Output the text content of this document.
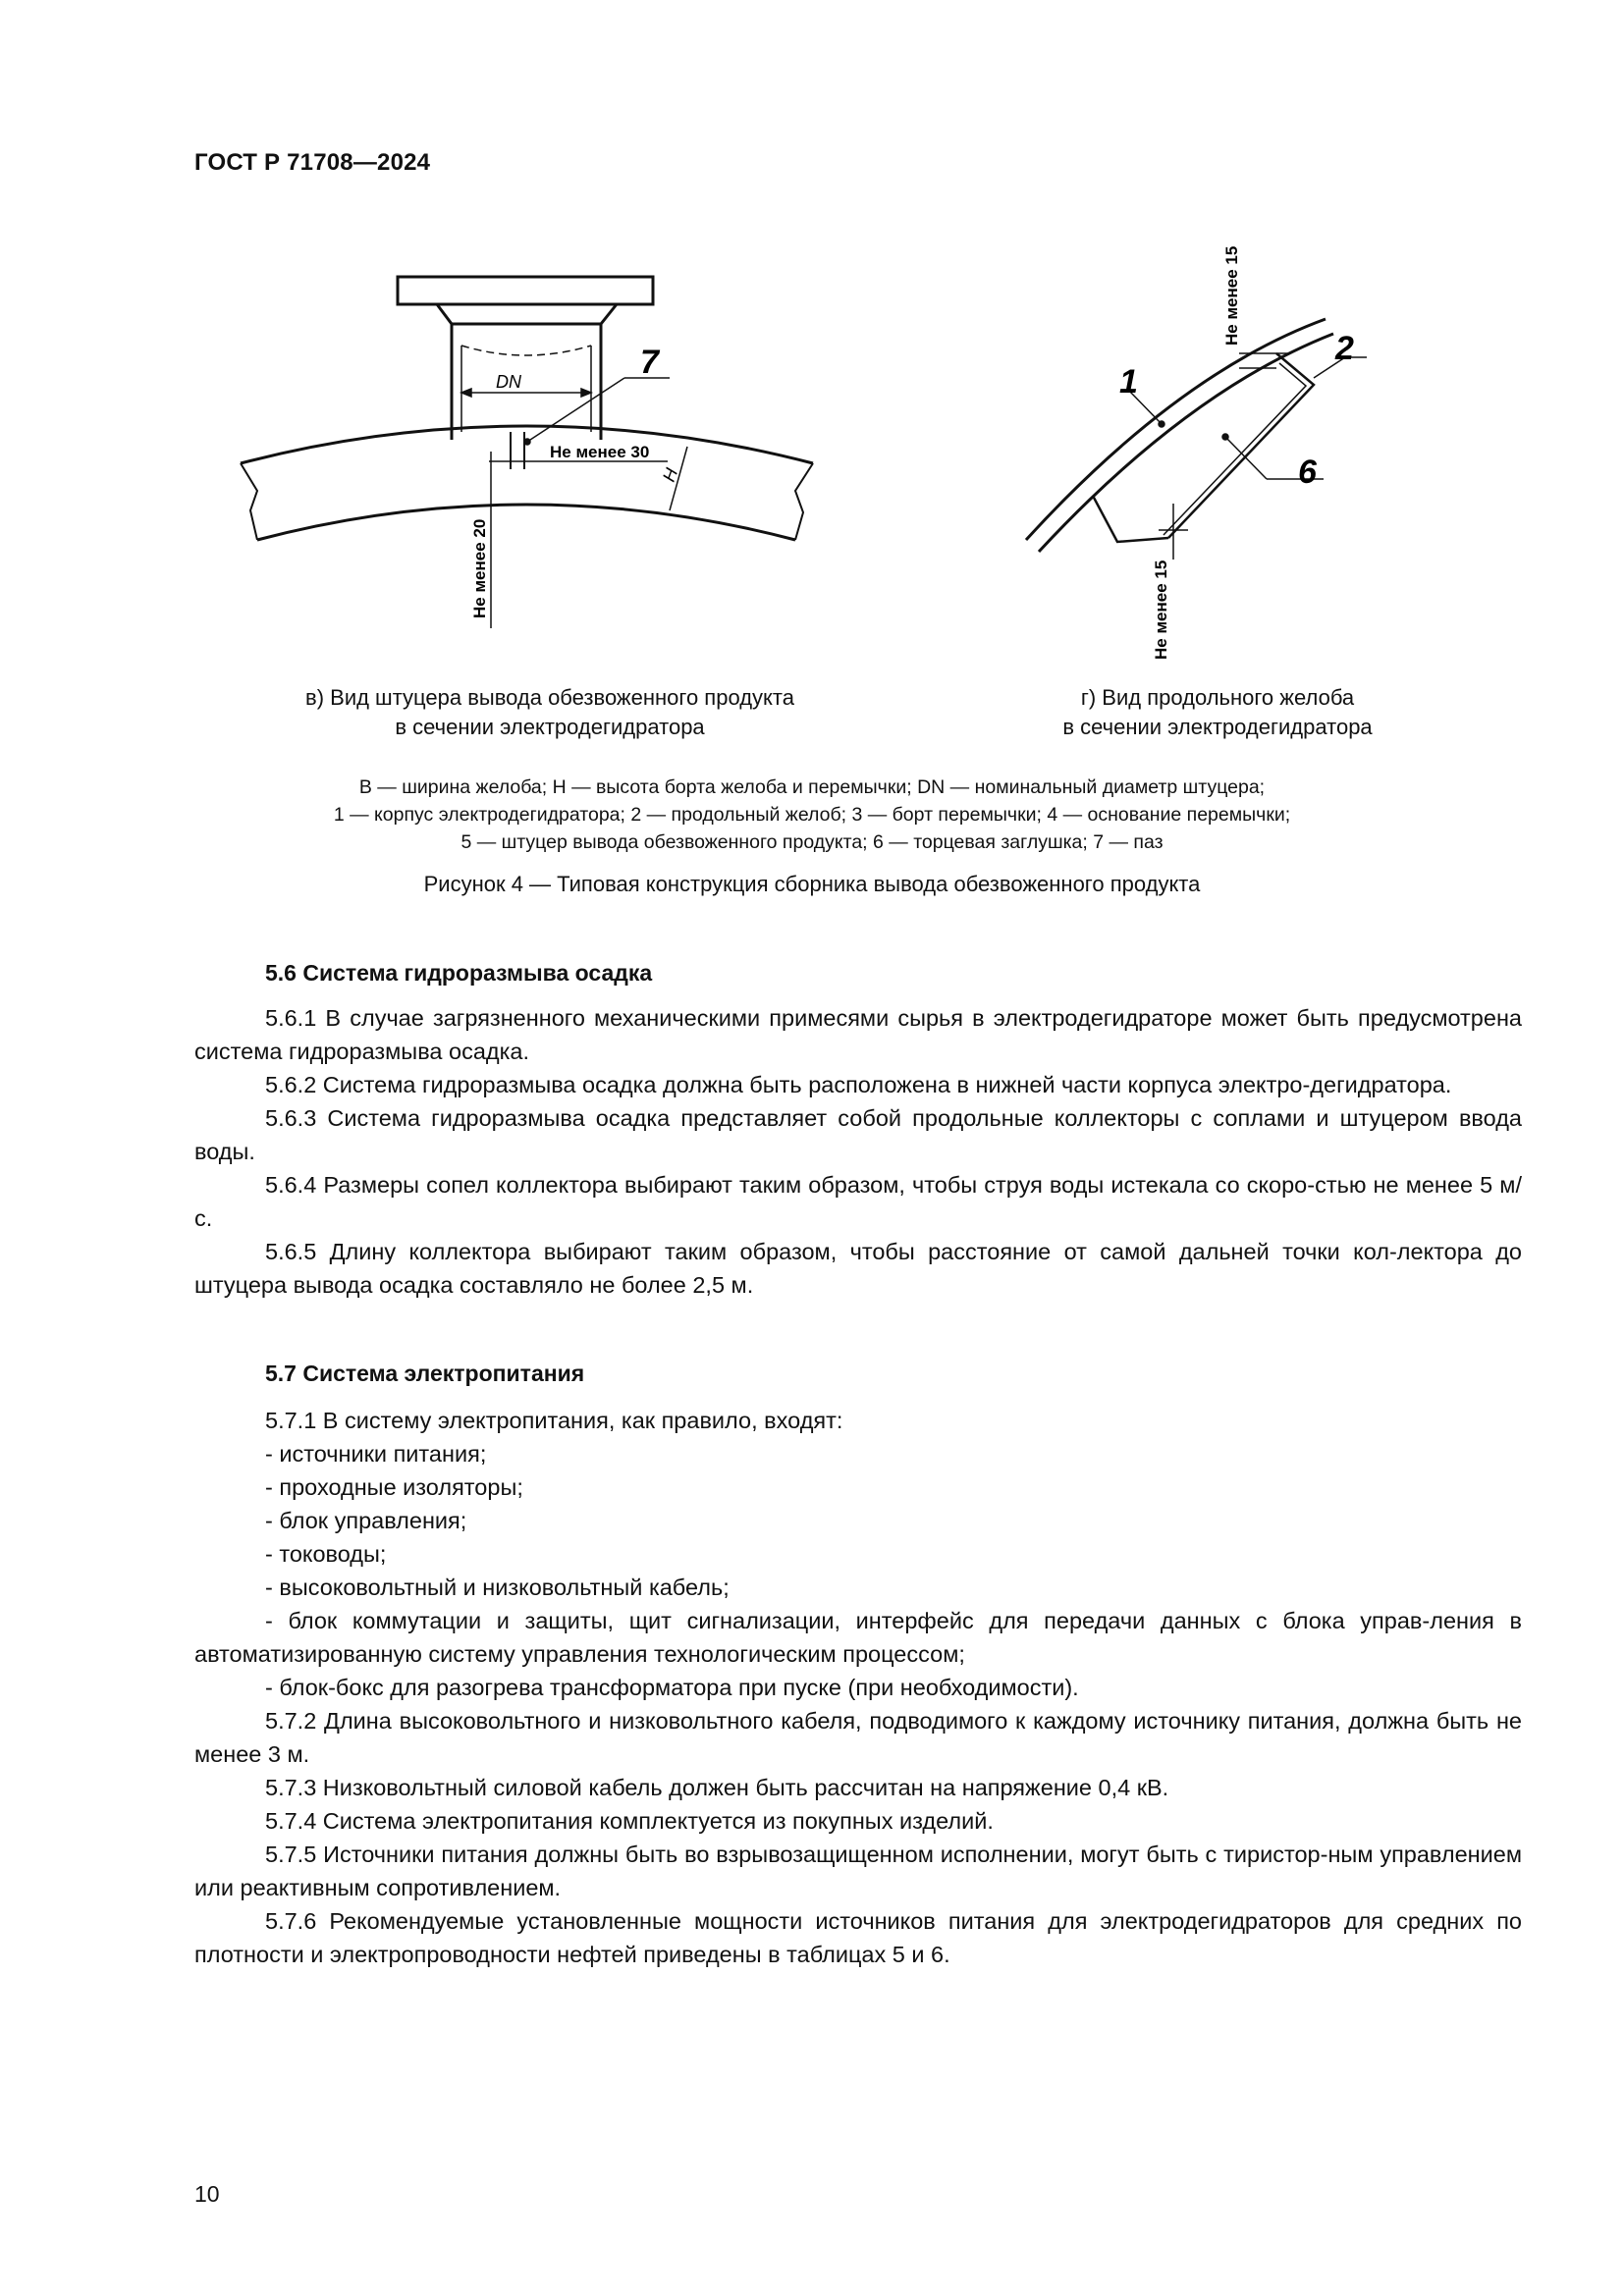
ГОСТ Р 71708—2024
7
DN
Не менее 30
H
Не менее 20
1
2
6
Не менее 15
Не менее 15
в) Вид штуцера вывода обезвоженного продукта
в сечении электродегидратора
г) Вид продольного желоба
в сечении электродегидратора
B — ширина желоба; H — высота борта желоба и перемычки; DN — номинальный диаметр штуцера;
1 — корпус электродегидратора; 2 — продольный желоб; 3 — борт перемычки; 4 — основание перемычки;
5 — штуцер вывода обезвоженного продукта; 6 — торцевая заглушка; 7 — паз
Рисунок 4 — Типовая конструкция сборника вывода обезвоженного продукта
5.6 Система гидроразмыва осадка

5.6.1 В случае загрязненного механическими примесями сырья в электродегидраторе может быть предусмотрена система гидроразмыва осадка.

5.6.2 Система гидроразмыва осадка должна быть расположена в нижней части корпуса электро-дегидратора.

5.6.3 Система гидроразмыва осадка представляет собой продольные коллекторы с соплами и штуцером ввода воды.

5.6.4 Размеры сопел коллектора выбирают таким образом, чтобы струя воды истекала со скоро-стью не менее 5 м/с.

5.6.5 Длину коллектора выбирают таким образом, чтобы расстояние от самой дальней точки кол-лектора до штуцера вывода осадка составляло не более 2,5 м.

5.7 Система электропитания

5.7.1 В систему электропитания, как правило, входят:

- источники питания;

- проходные изоляторы;

- блок управления;

- тоководы;

- высоковольтный и низковольтный кабель;

- блок коммутации и защиты, щит сигнализации, интерфейс для передачи данных с блока управ-ления в автоматизированную систему управления технологическим процессом;

- блок-бокс для разогрева трансформатора при пуске (при необходимости).

5.7.2 Длина высоковольтного и низковольтного кабеля, подводимого к каждому источнику питания, должна быть не менее 3 м.

5.7.3 Низковольтный силовой кабель должен быть рассчитан на напряжение 0,4 кВ.

5.7.4 Система электропитания комплектуется из покупных изделий.

5.7.5 Источники питания должны быть во взрывозащищенном исполнении, могут быть с тиристор-ным управлением или реактивным сопротивлением.

5.7.6 Рекомендуемые установленные мощности источников питания для электродегидраторов для средних по плотности и электропроводности нефтей приведены в таблицах 5 и 6.

10
